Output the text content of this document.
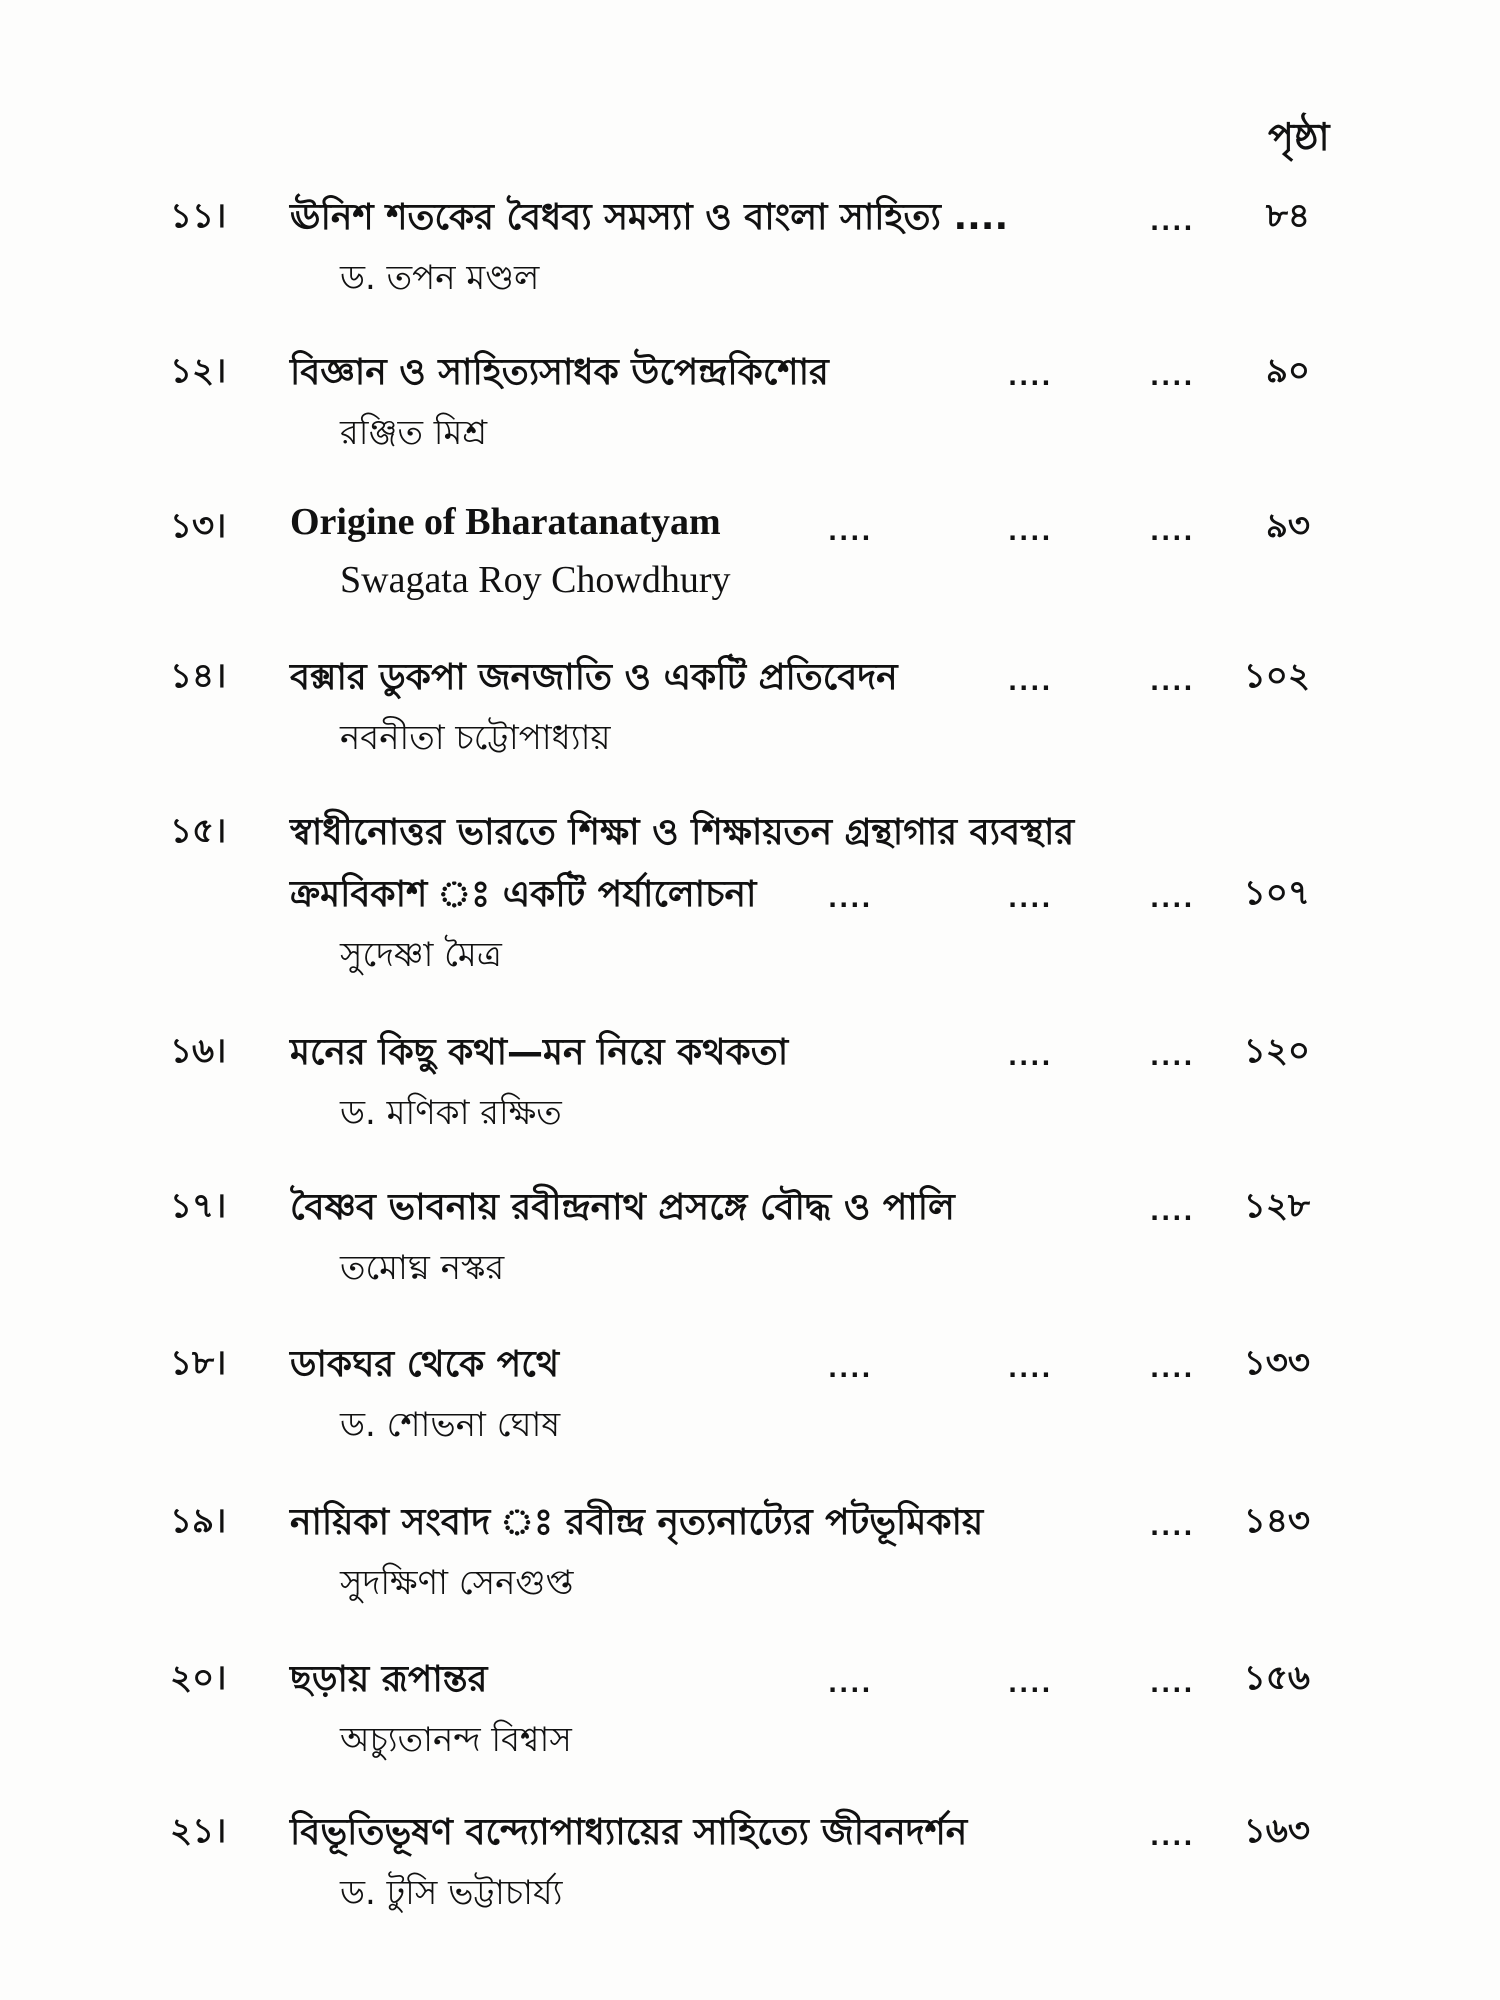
পৃষ্ঠা
১১।	ঊনিশ শতকের বৈধব্য সমস্যা ও বাংলা সাহিত্য ....	....	৮৪
ড. তপন মণ্ডল
১২।	বিজ্ঞান ও সাহিত্যসাধক উপেন্দ্রকিশোর	....	....	৯০
রঞ্জিত মিশ্র
১৩।	Origine of Bharatanatyam	....	....	....	৯৩
Swagata Roy Chowdhury
১৪।	বক্সার ডুকপা জনজাতি ও একটি প্রতিবেদন	....	....	১০২
নবনীতা চট্টোপাধ্যায়
১৫।	স্বাধীনোত্তর ভারতে শিক্ষা ও শিক্ষায়তন গ্রন্থাগার ব্যবস্থার
ক্রমবিকাশ ঃ একটি পর্যালোচনা	....	....	....	১০৭
সুদেষ্ণা মৈত্র
১৬।	মনের কিছু কথা—মন নিয়ে কথকতা	....	....	১২০
ড. মণিকা রক্ষিত
১৭।	বৈষ্ণব ভাবনায় রবীন্দ্রনাথ প্রসঙ্গে বৌদ্ধ ও পালি	....	১২৮
তমোঘ্ন নস্কর
১৮।	ডাকঘর থেকে পথে	....	....	....	১৩৩
ড. শোভনা ঘোষ
১৯।	নায়িকা সংবাদ ঃ রবীন্দ্র নৃত্যনাট্যের পটভূমিকায়	....	১৪৩
সুদক্ষিণা সেনগুপ্ত
২০।	ছড়ায় রূপান্তর	....	....	....	১৫৬
অচ্যুতানন্দ বিশ্বাস
২১।	বিভূতিভূষণ বন্দ্যোপাধ্যায়ের সাহিত্যে জীবনদর্শন	....	১৬৩
ড. টুসি ভট্টাচার্য্য
